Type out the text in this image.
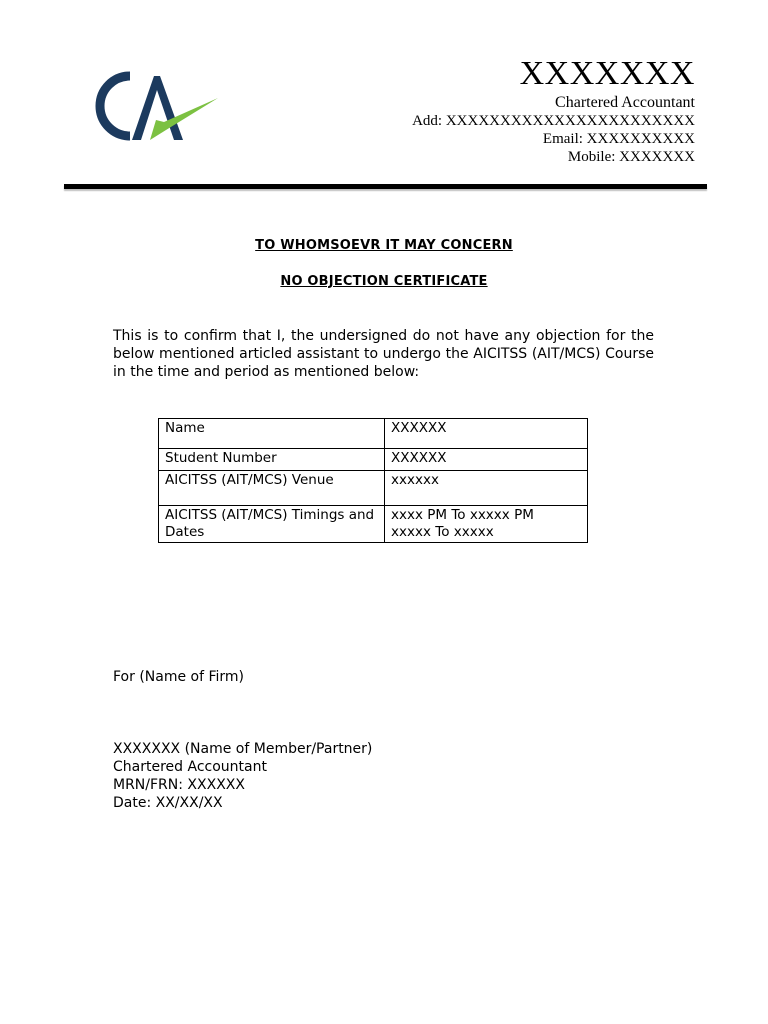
XXXXXXX
Chartered Accountant
Add: XXXXXXXXXXXXXXXXXXXXXXX
Email: XXXXXXXXXX
Mobile: XXXXXXX
TO WHOMSOEVR IT MAY CONCERN
NO OBJECTION CERTIFICATE
This is to confirm that I, the undersigned do not have any objection for the below mentioned articled assistant to undergo the AICITSS (AIT/MCS) Course in the time and period as mentioned below:
Name	XXXXXX
Student Number	XXXXXX
AICITSS (AIT/MCS) Venue	xxxxxx
AICITSS (AIT/MCS) Timings and Dates	xxxx PM To xxxxx PM
xxxxx To xxxxx
For (Name of Firm)
XXXXXXX (Name of Member/Partner)
Chartered Accountant
MRN/FRN: XXXXXX
Date: XX/XX/XX
